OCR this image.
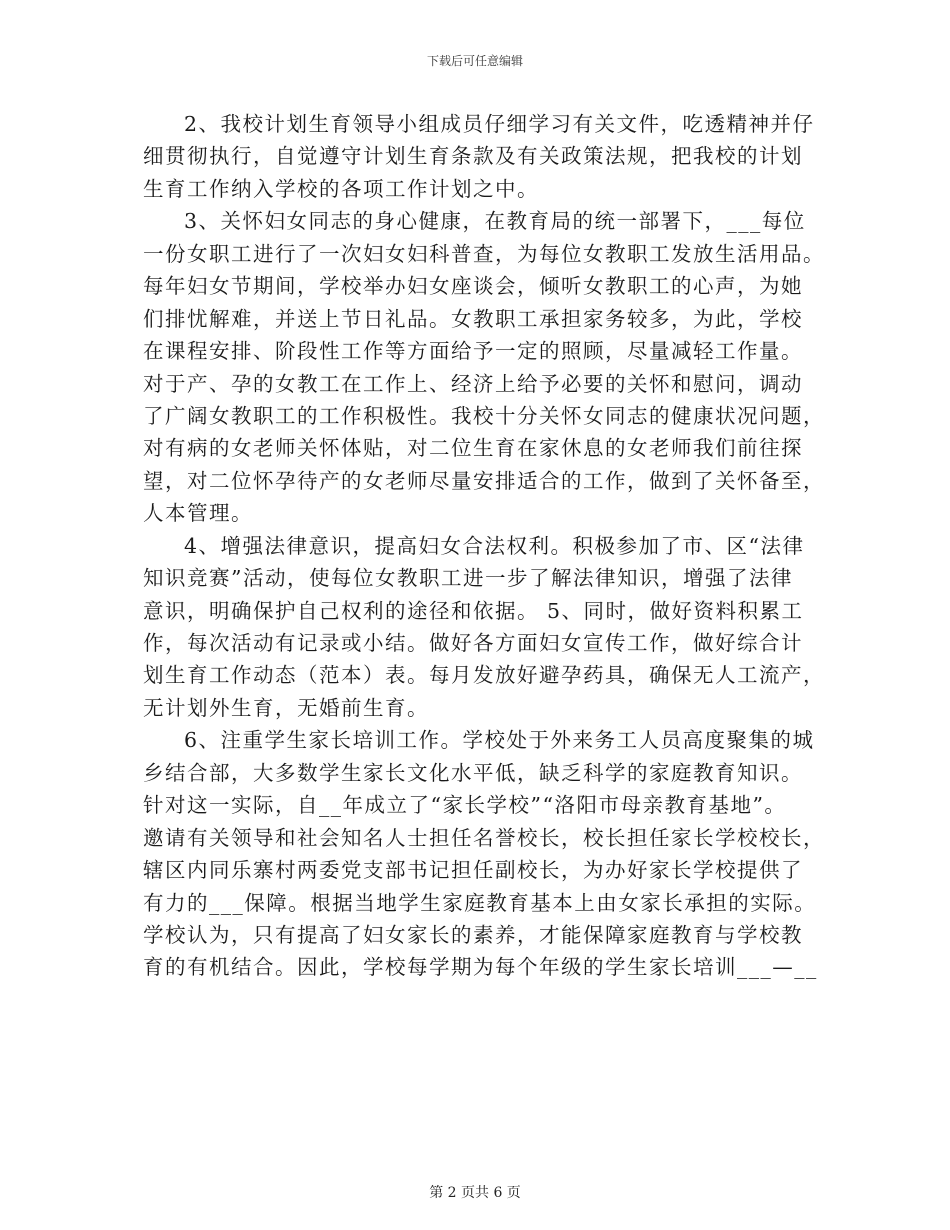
下载后可任意编辑
2、我校计划生育领导小组成员仔细学习有关文件，吃透精神并仔
细贯彻执行，自觉遵守计划生育条款及有关政策法规，把我校的计划
生育工作纳入学校的各项工作计划之中。
3、关怀妇女同志的身心健康，在教育局的统一部署下，___每位
一份女职工进行了一次妇女妇科普查，为每位女教职工发放生活用品。
每年妇女节期间，学校举办妇女座谈会，倾听女教职工的心声，为她
们排忧解难，并送上节日礼品。女教职工承担家务较多，为此，学校
在课程安排、阶段性工作等方面给予一定的照顾，尽量减轻工作量。
对于产、孕的女教工在工作上、经济上给予必要的关怀和慰问，调动
了广阔女教职工的工作积极性。我校十分关怀女同志的健康状况问题，
对有病的女老师关怀体贴，对二位生育在家休息的女老师我们前往探
望，对二位怀孕待产的女老师尽量安排适合的工作，做到了关怀备至，
人本管理。
4、增强法律意识，提高妇女合法权利。积极参加了市、区“法律
知识竞赛”活动，使每位女教职工进一步了解法律知识，增强了法律
意识，明确保护自己权利的途径和依据。 5、同时，做好资料积累工
作，每次活动有记录或小结。做好各方面妇女宣传工作，做好综合计
划生育工作动态（范本）表。每月发放好避孕药具，确保无人工流产，
无计划外生育，无婚前生育。
6、注重学生家长培训工作。学校处于外来务工人员高度聚集的城
乡结合部，大多数学生家长文化水平低，缺乏科学的家庭教育知识。
针对这一实际，自__年成立了“家长学校”“洛阳市母亲教育基地”。
邀请有关领导和社会知名人士担任名誉校长，校长担任家长学校校长，
辖区内同乐寨村两委党支部书记担任副校长，为办好家长学校提供了
有力的___保障。根据当地学生家庭教育基本上由女家长承担的实际。
学校认为，只有提高了妇女家长的素养，才能保障家庭教育与学校教
育的有机结合。因此，学校每学期为每个年级的学生家长培训___—__
第 2 页共 6 页
